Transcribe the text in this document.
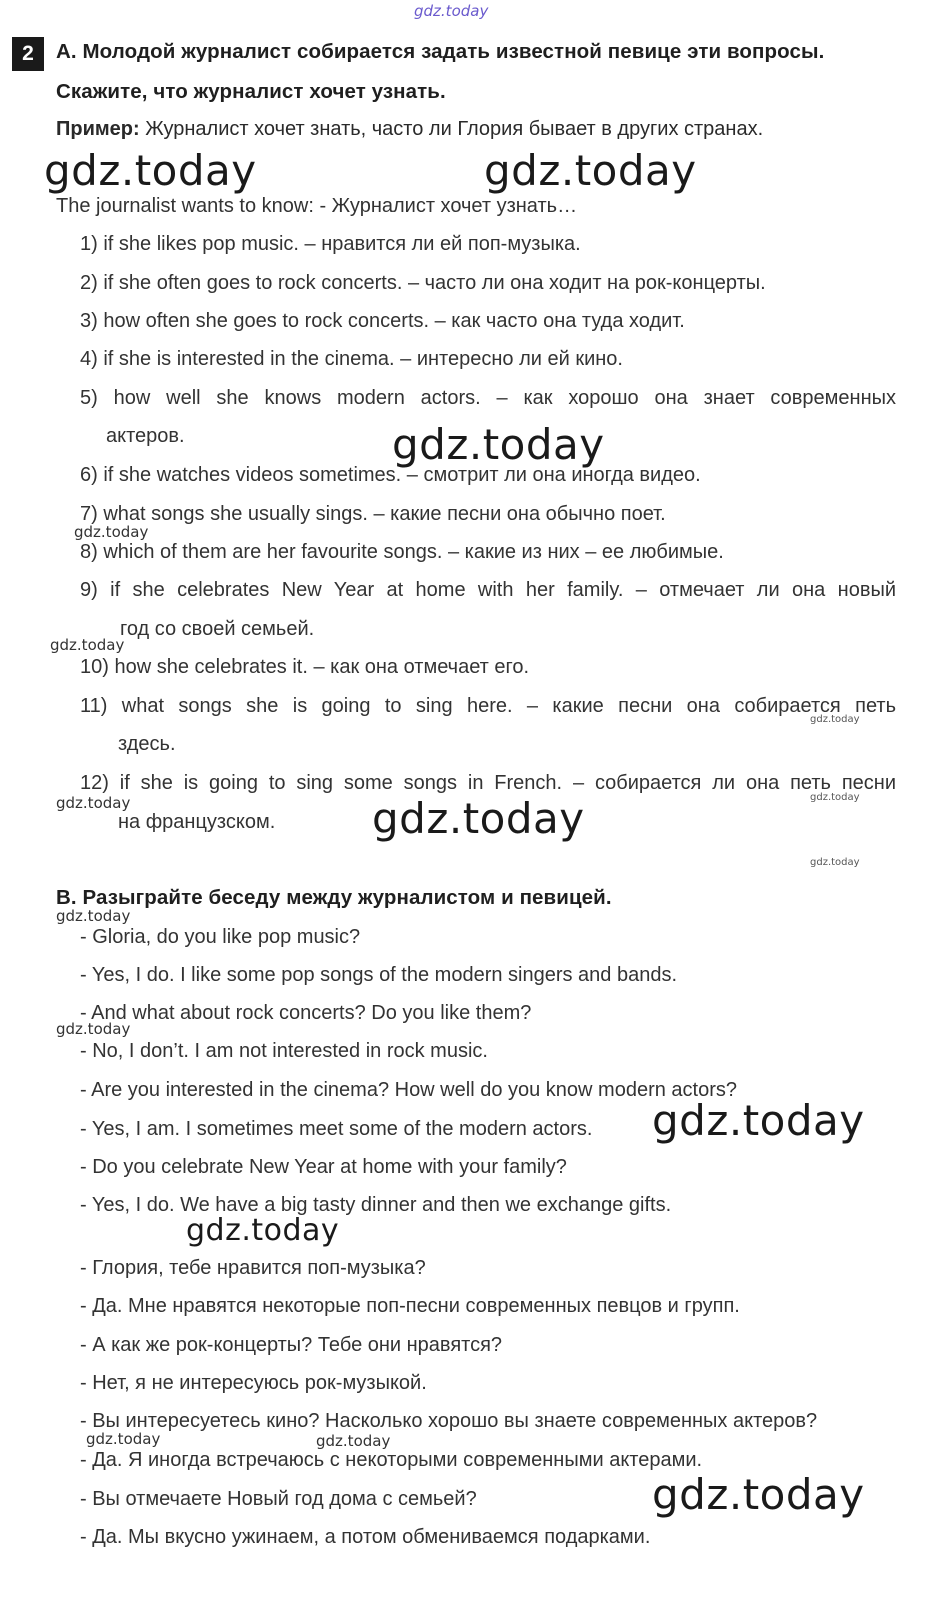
gdz.today
2	A. Молодой журналист собирается задать известной певице эти вопросы.
Скажите, что журналист хочет узнать.
Пример: Журналист хочет знать, часто ли Глория бывает в других странах.
gdz.today	gdz.today
The journalist wants to know: - Журналист хочет узнать…
1) if she likes pop music. – нравится ли ей поп-музыка.
2) if she often goes to rock concerts. – часто ли она ходит на рок-концерты.
3) how often she goes to rock concerts. – как часто она туда ходит.
4) if she is interested in the cinema. – интересно ли ей кино.
5) how well she knows modern actors. – как хорошо она знает современных
актеров.	gdz.today
6) if she watches videos sometimes. – смотрит ли она иногда видео.
7) what songs she usually sings. – какие песни она обычно поет.
gdz.today
8) which of them are her favourite songs. – какие из них – ее любимые.
9) if she celebrates New Year at home with her family. – отмечает ли она новый
год со своей семьей.
gdz.today
10) how she celebrates it. – как она отмечает его.
11) what songs she is going to sing here. – какие песни она собирается петь
gdz.today
здесь.
12) if she is going to sing some songs in French. – собирается ли она петь песни
gdz.today	gdz.today
на французском. gdz.today
gdz.today
B. Разыграйте беседу между журналистом и певицей.
gdz.today
- Gloria, do you like pop music?
- Yes, I do. I like some pop songs of the modern singers and bands.
- And what about rock concerts? Do you like them?
gdz.today
- No, I don’t. I am not interested in rock music.
- Are you interested in the cinema? How well do you know modern actors?
- Yes, I am. I sometimes meet some of the modern actors. gdz.today
- Do you celebrate New Year at home with your family?
- Yes, I do. We have a big tasty dinner and then we exchange gifts.
gdz.today
- Глория, тебе нравится поп-музыка?
- Да. Мне нравятся некоторые поп-песни современных певцов и групп.
- А как же рок-концерты? Тебе они нравятся?
- Нет, я не интересуюсь рок-музыкой.
- Вы интересуетесь кино? Насколько хорошо вы знаете современных актеров?
gdz.today	gdz.today
- Да. Я иногда встречаюсь с некоторыми современными актерами.
- Вы отмечаете Новый год дома с семьей?	gdz.today
- Да. Мы вкусно ужинаем, а потом обмениваемся подарками.
